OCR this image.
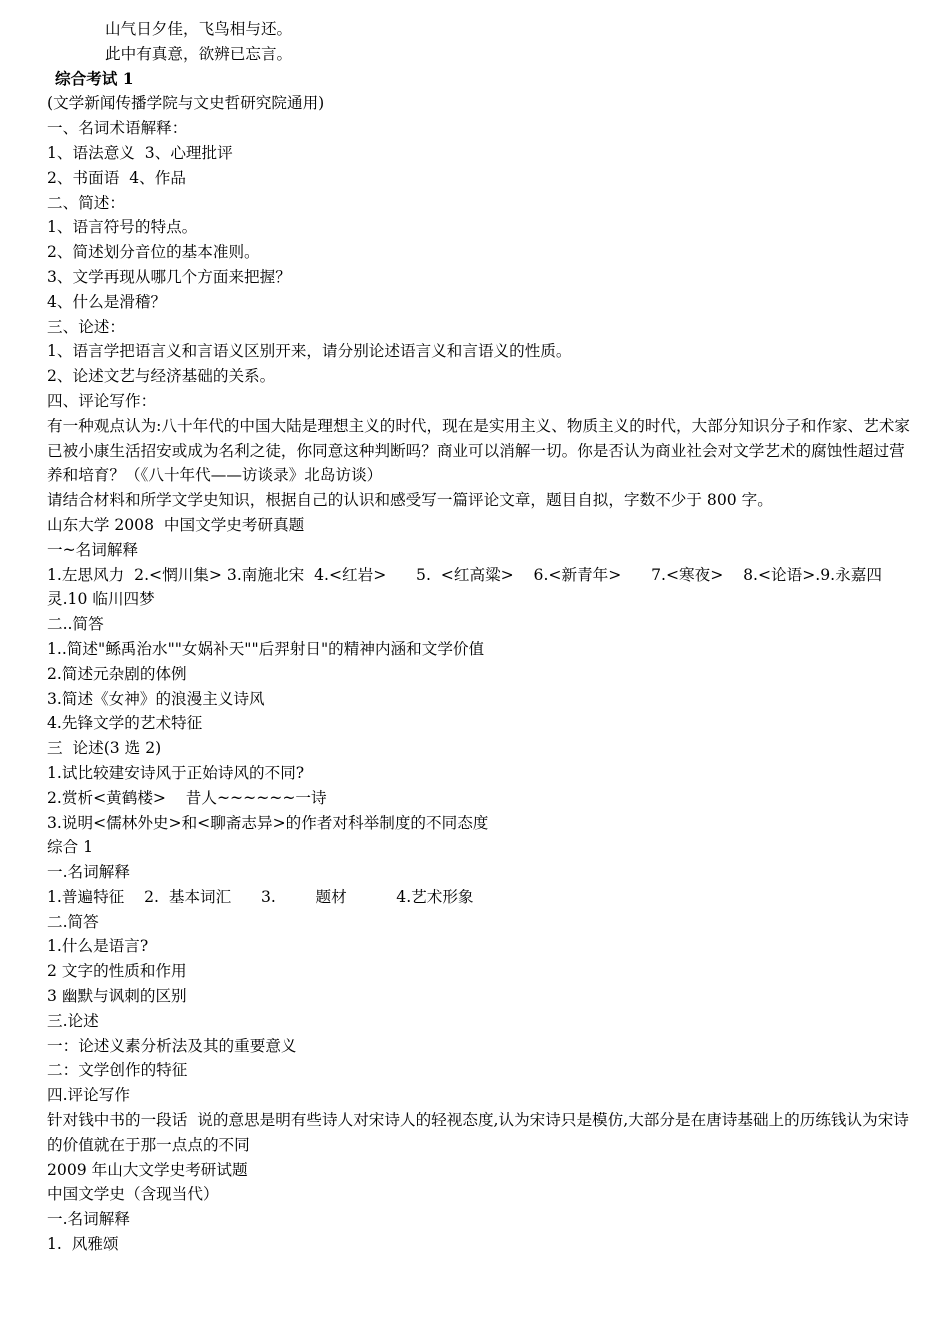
山气日夕佳，飞鸟相与还。
此中有真意，欲辨已忘言。
综合考试 1
(文学新闻传播学院与文史哲研究院通用)
一、名词术语解释：
1、语法意义  3、心理批评
2、书面语  4、作品
二、简述：
1、语言符号的特点。
2、简述划分音位的基本准则。
3、文学再现从哪几个方面来把握？
4、什么是滑稽？
三、论述：
1、语言学把语言义和言语义区别开来，请分别论述语言义和言语义的性质。
2、论述文艺与经济基础的关系。
四、评论写作：
有一种观点认为:八十年代的中国大陆是理想主义的时代，现在是实用主义、物质主义的时代，大部分知识分子和作家、艺术家已被小康生活招安或成为名利之徒，你同意这种判断吗？商业可以消解一切。你是否认为商业社会对文学艺术的腐蚀性超过营养和培育？（《八十年代——访谈录》北岛访谈）
请结合材料和所学文学史知识，根据自己的认识和感受写一篇评论文章，题目自拟，字数不少于 800 字。
山东大学 2008  中国文学史考研真题
一~名词解释
1.左思风力  2.<惘川集> 3.南施北宋  4.<红岩>      5.  <红高粱>    6.<新青年>      7.<寒夜>    8.<论语>.9.永嘉四灵.10 临川四梦
二..简答
1..简述"鲧禹治水""女娲补天""后羿射日"的精神内涵和文学价值
2.简述元杂剧的体例
3.简述《女神》的浪漫主义诗风
4.先锋文学的艺术特征
三  论述(3 选 2)
1.试比较建安诗风于正始诗风的不同?
2.赏析<黄鹤楼>    昔人~~~~~~一诗
3.说明<儒林外史>和<聊斋志异>的作者对科举制度的不同态度
综合 1
一.名词解释
1.普遍特征    2.  基本词汇      3.        题材          4.艺术形象
二.简答
1.什么是语言?
2 文字的性质和作用
3 幽默与讽刺的区别
三.论述
一：论述义素分析法及其的重要意义
二：文学创作的特征
四.评论写作
针对钱中书的一段话  说的意思是明有些诗人对宋诗人的轻视态度,认为宋诗只是模仿,大部分是在唐诗基础上的历练钱认为宋诗的价值就在于那一点点的不同
2009 年山大文学史考研试题
中国文学史（含现当代）
一.名词解释
1.  风雅颂
